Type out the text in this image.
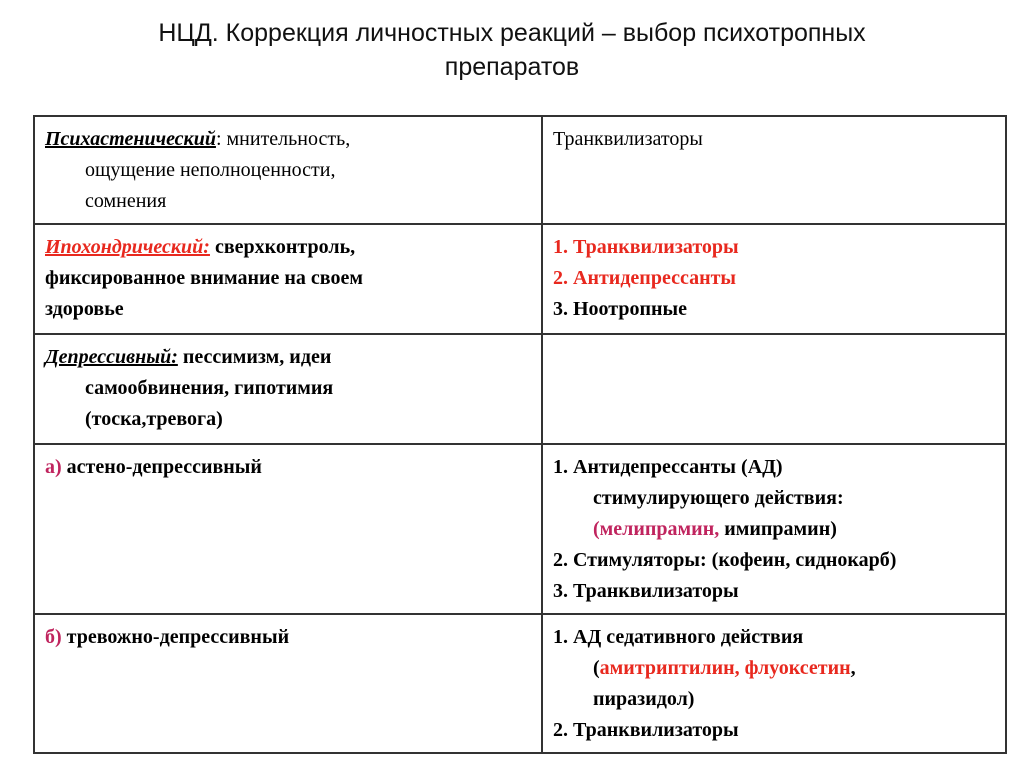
НЦД. Коррекция личностных реакций – выбор психотропных
препаратов
Психастенический: мнительность,
ощущение неполноценности,
сомнения	Транквилизаторы

Ипохондрический: сверхконтроль,
фиксированное внимание на своем
здоровье	1. Транквилизаторы
2. Антидепрессанты
3. Ноотропные

Депрессивный: пессимизм, идеи
самообвинения, гипотимия
(тоска,тревога)	

а) астено-депрессивный	1. Антидепрессанты (АД)
стимулирующего действия:
(мелипрамин, имипрамин)
2. Стимуляторы: (кофеин, сиднокарб)
3. Транквилизаторы

б) тревожно-депрессивный	1. АД седативного действия
(амитриптилин, флуоксетин,
пиразидол)
2. Транквилизаторы
